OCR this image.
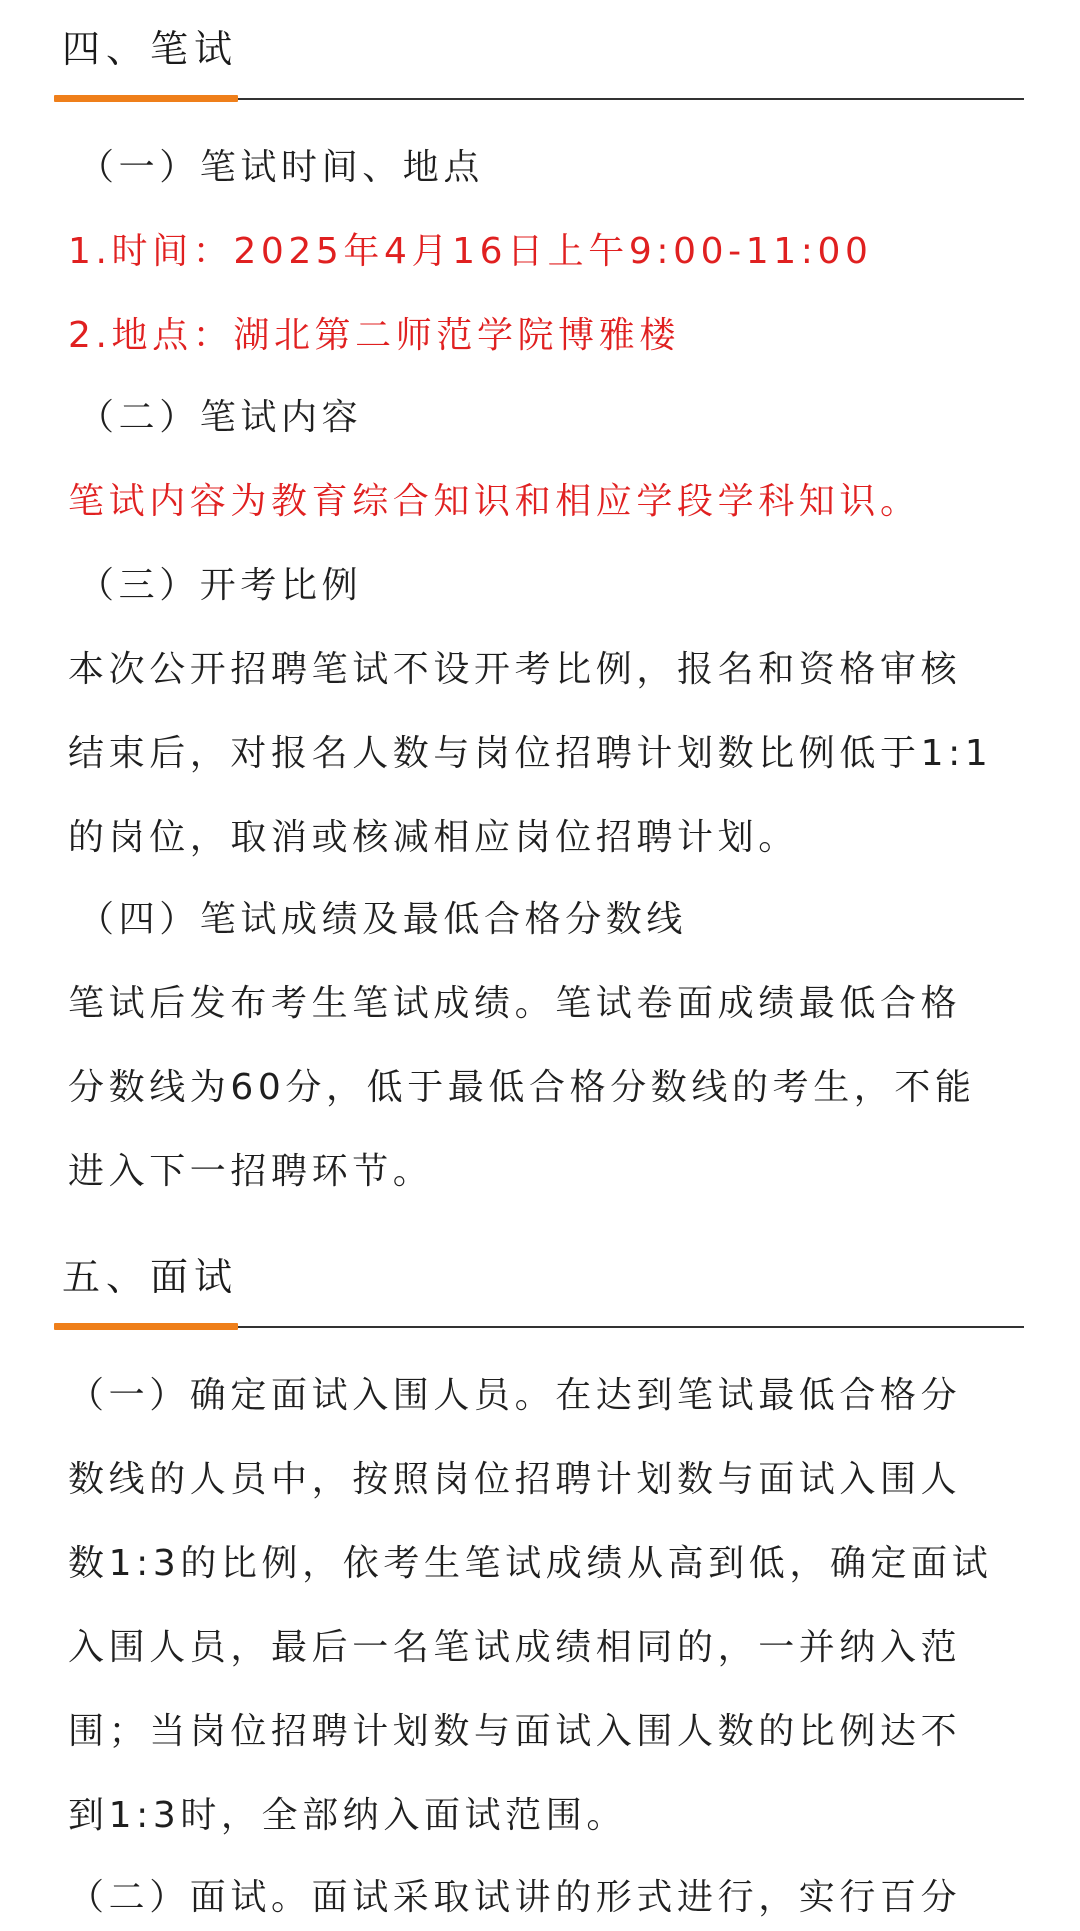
四、笔试
（一）笔试时间、地点
1.时间：2025年4月16日上午9:00-11:00
2.地点：湖北第二师范学院博雅楼
（二）笔试内容
笔试内容为教育综合知识和相应学段学科知识。
（三）开考比例
本次公开招聘笔试不设开考比例，报名和资格审核
结束后，对报名人数与岗位招聘计划数比例低于1:1
的岗位，取消或核减相应岗位招聘计划。
（四）笔试成绩及最低合格分数线
笔试后发布考生笔试成绩。笔试卷面成绩最低合格
分数线为60分，低于最低合格分数线的考生，不能
进入下一招聘环节。
五、面试
（一）确定面试入围人员。在达到笔试最低合格分
数线的人员中，按照岗位招聘计划数与面试入围人
数1:3的比例，依考生笔试成绩从高到低，确定面试
入围人员，最后一名笔试成绩相同的，一并纳入范
围；当岗位招聘计划数与面试入围人数的比例达不
到1:3时，全部纳入面试范围。
（二）面试。面试采取试讲的形式进行，实行百分
